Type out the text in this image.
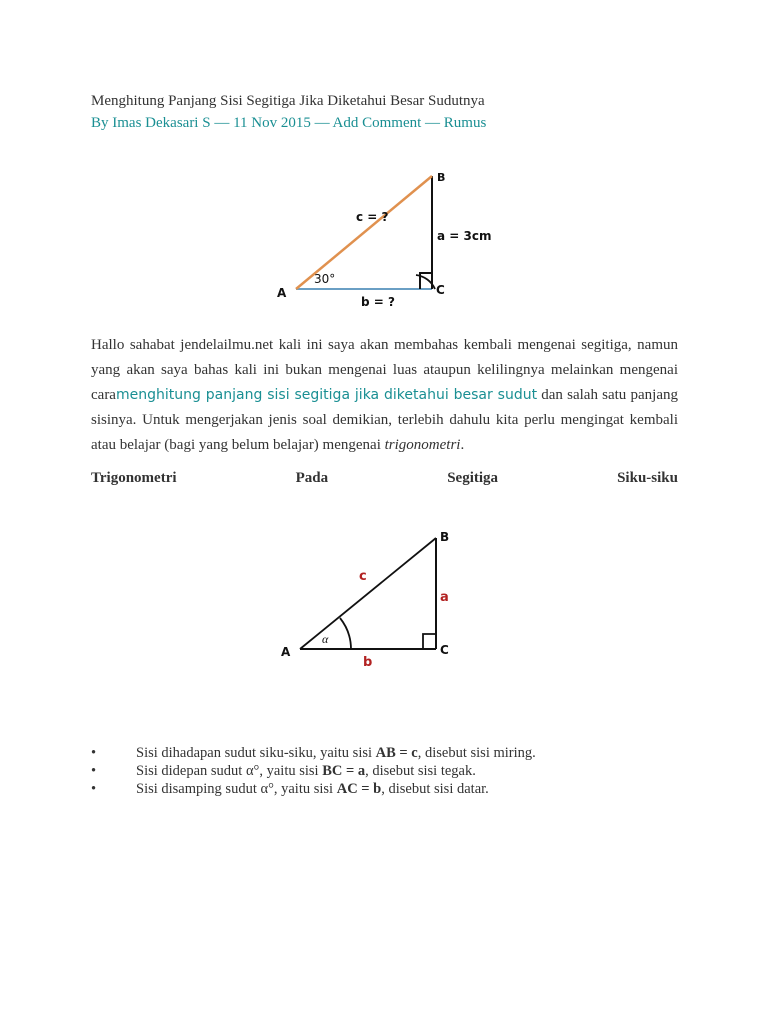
Menghitung Panjang Sisi Segitiga Jika Diketahui Besar Sudutnya
By Imas Dekasari S — 11 Nov 2015 — Add Comment — Rumus
A
B
C
30°
c = ?
a = 3cm
b = ?

Hallo sahabat jendelailmu.net kali ini saya akan membahas kembali mengenai segitiga, namun yang akan saya bahas kali ini bukan mengenai luas ataupun kelilingnya melainkan mengenai caramenghitung panjang sisi segitiga jika diketahui besar sudut dan salah satu panjang sisinya. Untuk mengerjakan jenis soal demikian, terlebih dahulu kita perlu mengingat kembali atau belajar (bagi yang belum belajar) mengenai trigonometri.

Trigonometri	Pada	Segitiga	Siku-siku
A
B
C
α
c
a
b
•	Sisi dihadapan sudut siku-siku, yaitu sisi AB = c, disebut sisi miring.
•	Sisi didepan sudut α°, yaitu sisi BC = a, disebut sisi tegak.
•	Sisi disamping sudut α°, yaitu sisi AC = b, disebut sisi datar.
